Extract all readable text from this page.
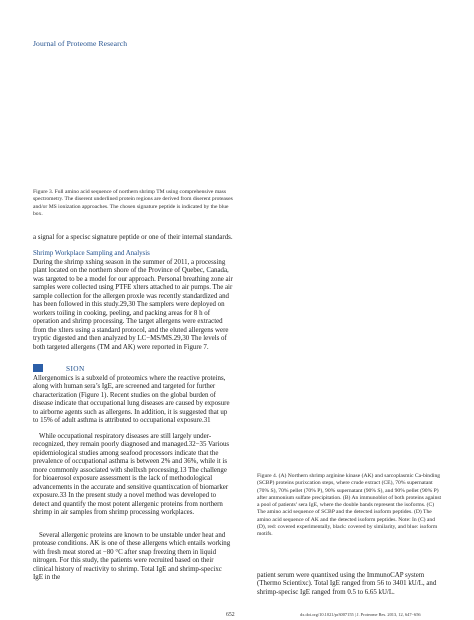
Journal of Proteome Research
Figure 3. Full amino acid sequence of northern shrimp TM using comprehensive mass spectrometry. The diserent underlined protein regions are derived from diserent proteases and/or MS ionization approaches. The chosen signature peptide is indicated by the blue box.

a signal for a specisc signature peptide or one of their internal standards.

Shrimp Workplace Sampling and Analysis

During the shrimp xshing season in the summer of 2011, a processing plant located on the northern shore of the Province of Quebec, Canada, was targeted to be a model for our approach. Personal breathing zone air samples were collected using PTFE xlters attached to air pumps. The air sample collection for the allergen proxle was recently standardized and has been followed in this study.29,30 The samplers were deployed on workers toiling in cooking, peeling, and packing areas for 8 h of operation and shrimp processing. The target allergens were extracted from the xlters using a standard protocol, and the eluted allergens were tryptic digested and then analyzed by LC−MS/MS.29,30 The levels of both targeted allergens (TM and AK) were reported in Figure 7.

SION

Allergenomics is a subxeld of proteomics where the reactive proteins, along with human sera’s IgE, are screened and targeted for further characterization (Figure 1). Recent studies on the global burden of disease indicate that occupational lung diseases are caused by exposure to airborne agents such as allergens. In addition, it is suggested that up to 15% of adult asthma is attributed to occupational exposure.31

While occupational respiratory diseases are still largely under-recognized, they remain poorly diagnosed and managed.32−35 Various epidemiological studies among seafood processors indicate that the prevalence of occupational asthma is between 2% and 36%, while it is more commonly associated with shellxsh processing.13 The challenge for bioaerosol exposure assessment is the lack of methodological advancements in the accurate and sensitive quantixcation of biomarker exposure.33 In the present study a novel method was developed to detect and quantify the most potent allergenic proteins from northern shrimp in air samples from shrimp processing workplaces.

Several allergenic proteins are known to be unstable under heat and protease conditions. AK is one of these allergens which entails working with fresh meat stored at −80 °C after snap freezing them in liquid nitrogen. For this study, the patients were recruited based on their clinical history of reactivity to shrimp. Total IgE and shrimp-specixc IgE in the

Figure 4. (A) Northern shrimp arginine kinase (AK) and sarcoplasmic Ca-binding (SCBP) proteins purixcation steps, where crude extract (CE), 70% supernatant (70% S), 70% pellet (70% P), 90% supernatant (90% S), and 90% pellet (90% P) after ammonium sulfate precipitation. (B) An immunoblot of both proteins against a pool of patients’ sera IgE, where the double bands represent the isoforms. (C) The amino acid sequence of SCBP and the detected isoform peptides. (D) The amino acid sequence of AK and the detected isoform peptides. Note: In (C) and (D), red: covered experimentally, black: covered by similarity, and blue: isoform motifs.

patient serum were quantixed using the ImmunoCAP system (Thermo Scientixc). Total IgE ranged from 56 to 3401 kU/L, and shrimp-specisc IgE ranged from 0.5 to 6.65 kU/L.

652	dx.doi.org/10.1021/pr3007155 | J. Proteome Res. 2013, 12, 647−656
